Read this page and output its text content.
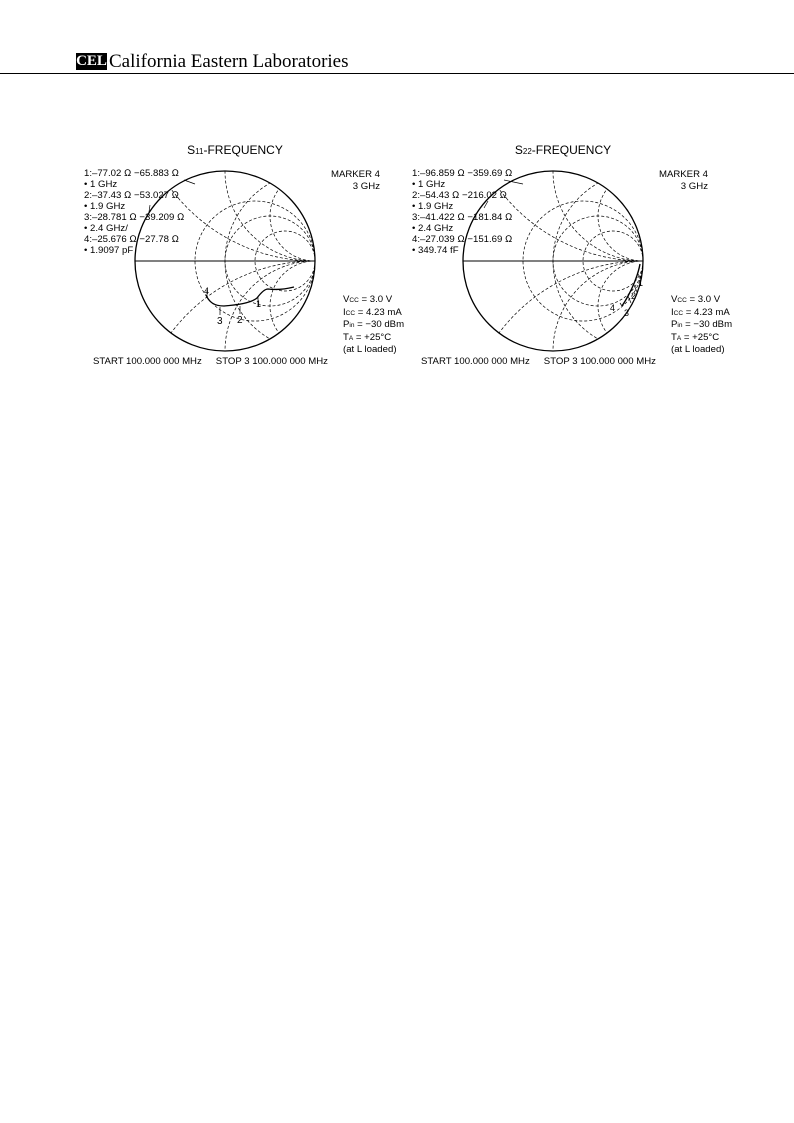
CEL California Eastern Laboratories
1
2
3
4
S11-FREQUENCY
1:–77.02 Ω −65.883 Ω
• 1 GHz
2:–37.43 Ω −53.027 Ω
• 1.9 GHz
3:–28.781 Ω −39.209 Ω
• 2.4 GHz/
4:–25.676 Ω −27.78 Ω
• 1.9097 pF
MARKER 4
3 GHz
VCC = 3.0 V
ICC = 4.23 mA
Pin = −30 dBm
TA = +25°C
(at L loaded)
START 100.000 000 MHz STOP 3 100.000 000 MHz
1
2
3
4
S22-FREQUENCY
1:–96.859 Ω −359.69 Ω
• 1 GHz
2:–54.43 Ω −216.02 Ω
• 1.9 GHz
3:–41.422 Ω −181.84 Ω
• 2.4 GHz
4:–27.039 Ω −151.69 Ω
• 349.74 fF
MARKER 4
3 GHz
VCC = 3.0 V
ICC = 4.23 mA
Pin = −30 dBm
TA = +25°C
(at L loaded)
START 100.000 000 MHz STOP 3 100.000 000 MHz
